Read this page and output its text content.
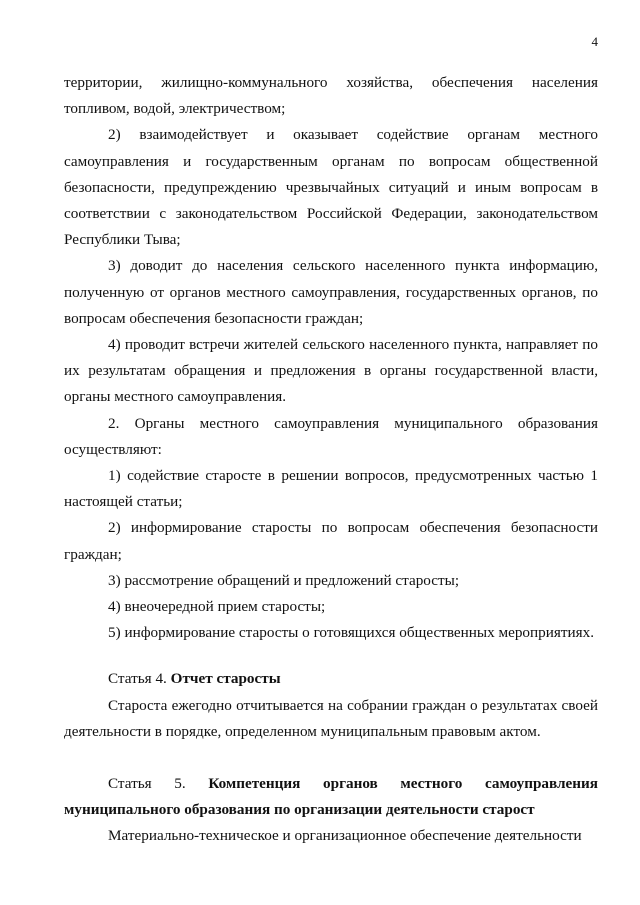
4

территории, жилищно-коммунального хозяйства, обеспечения населения топливом, водой, электричеством;

2) взаимодействует и оказывает содействие органам местного самоуправления и государственным органам по вопросам общественной безопасности, предупреждению чрезвычайных ситуаций и иным вопросам в соответствии с законодательством Российской Федерации, законодательством Республики Тыва;

3) доводит до населения сельского населенного пункта информацию, полученную от органов местного самоуправления, государственных органов, по вопросам обеспечения безопасности граждан;

4) проводит встречи жителей сельского населенного пункта, направляет по их результатам обращения и предложения в органы государственной власти, органы местного самоуправления.

2. Органы местного самоуправления муниципального образования осуществляют:

1) содействие старосте в решении вопросов, предусмотренных частью 1 настоящей статьи;

2) информирование старосты по вопросам обеспечения безопасности граждан;

3) рассмотрение обращений и предложений старосты;

4) внеочередной прием старосты;

5) информирование старосты о готовящихся общественных мероприятиях.

Статья 4. Отчет старосты

Староста ежегодно отчитывается на собрании граждан о результатах своей деятельности в порядке, определенном муниципальным правовым актом.

Статья 5. Компетенция органов местного самоуправления муниципального образования по организации деятельности старост

Материально-техническое и организационное обеспечение деятельности
